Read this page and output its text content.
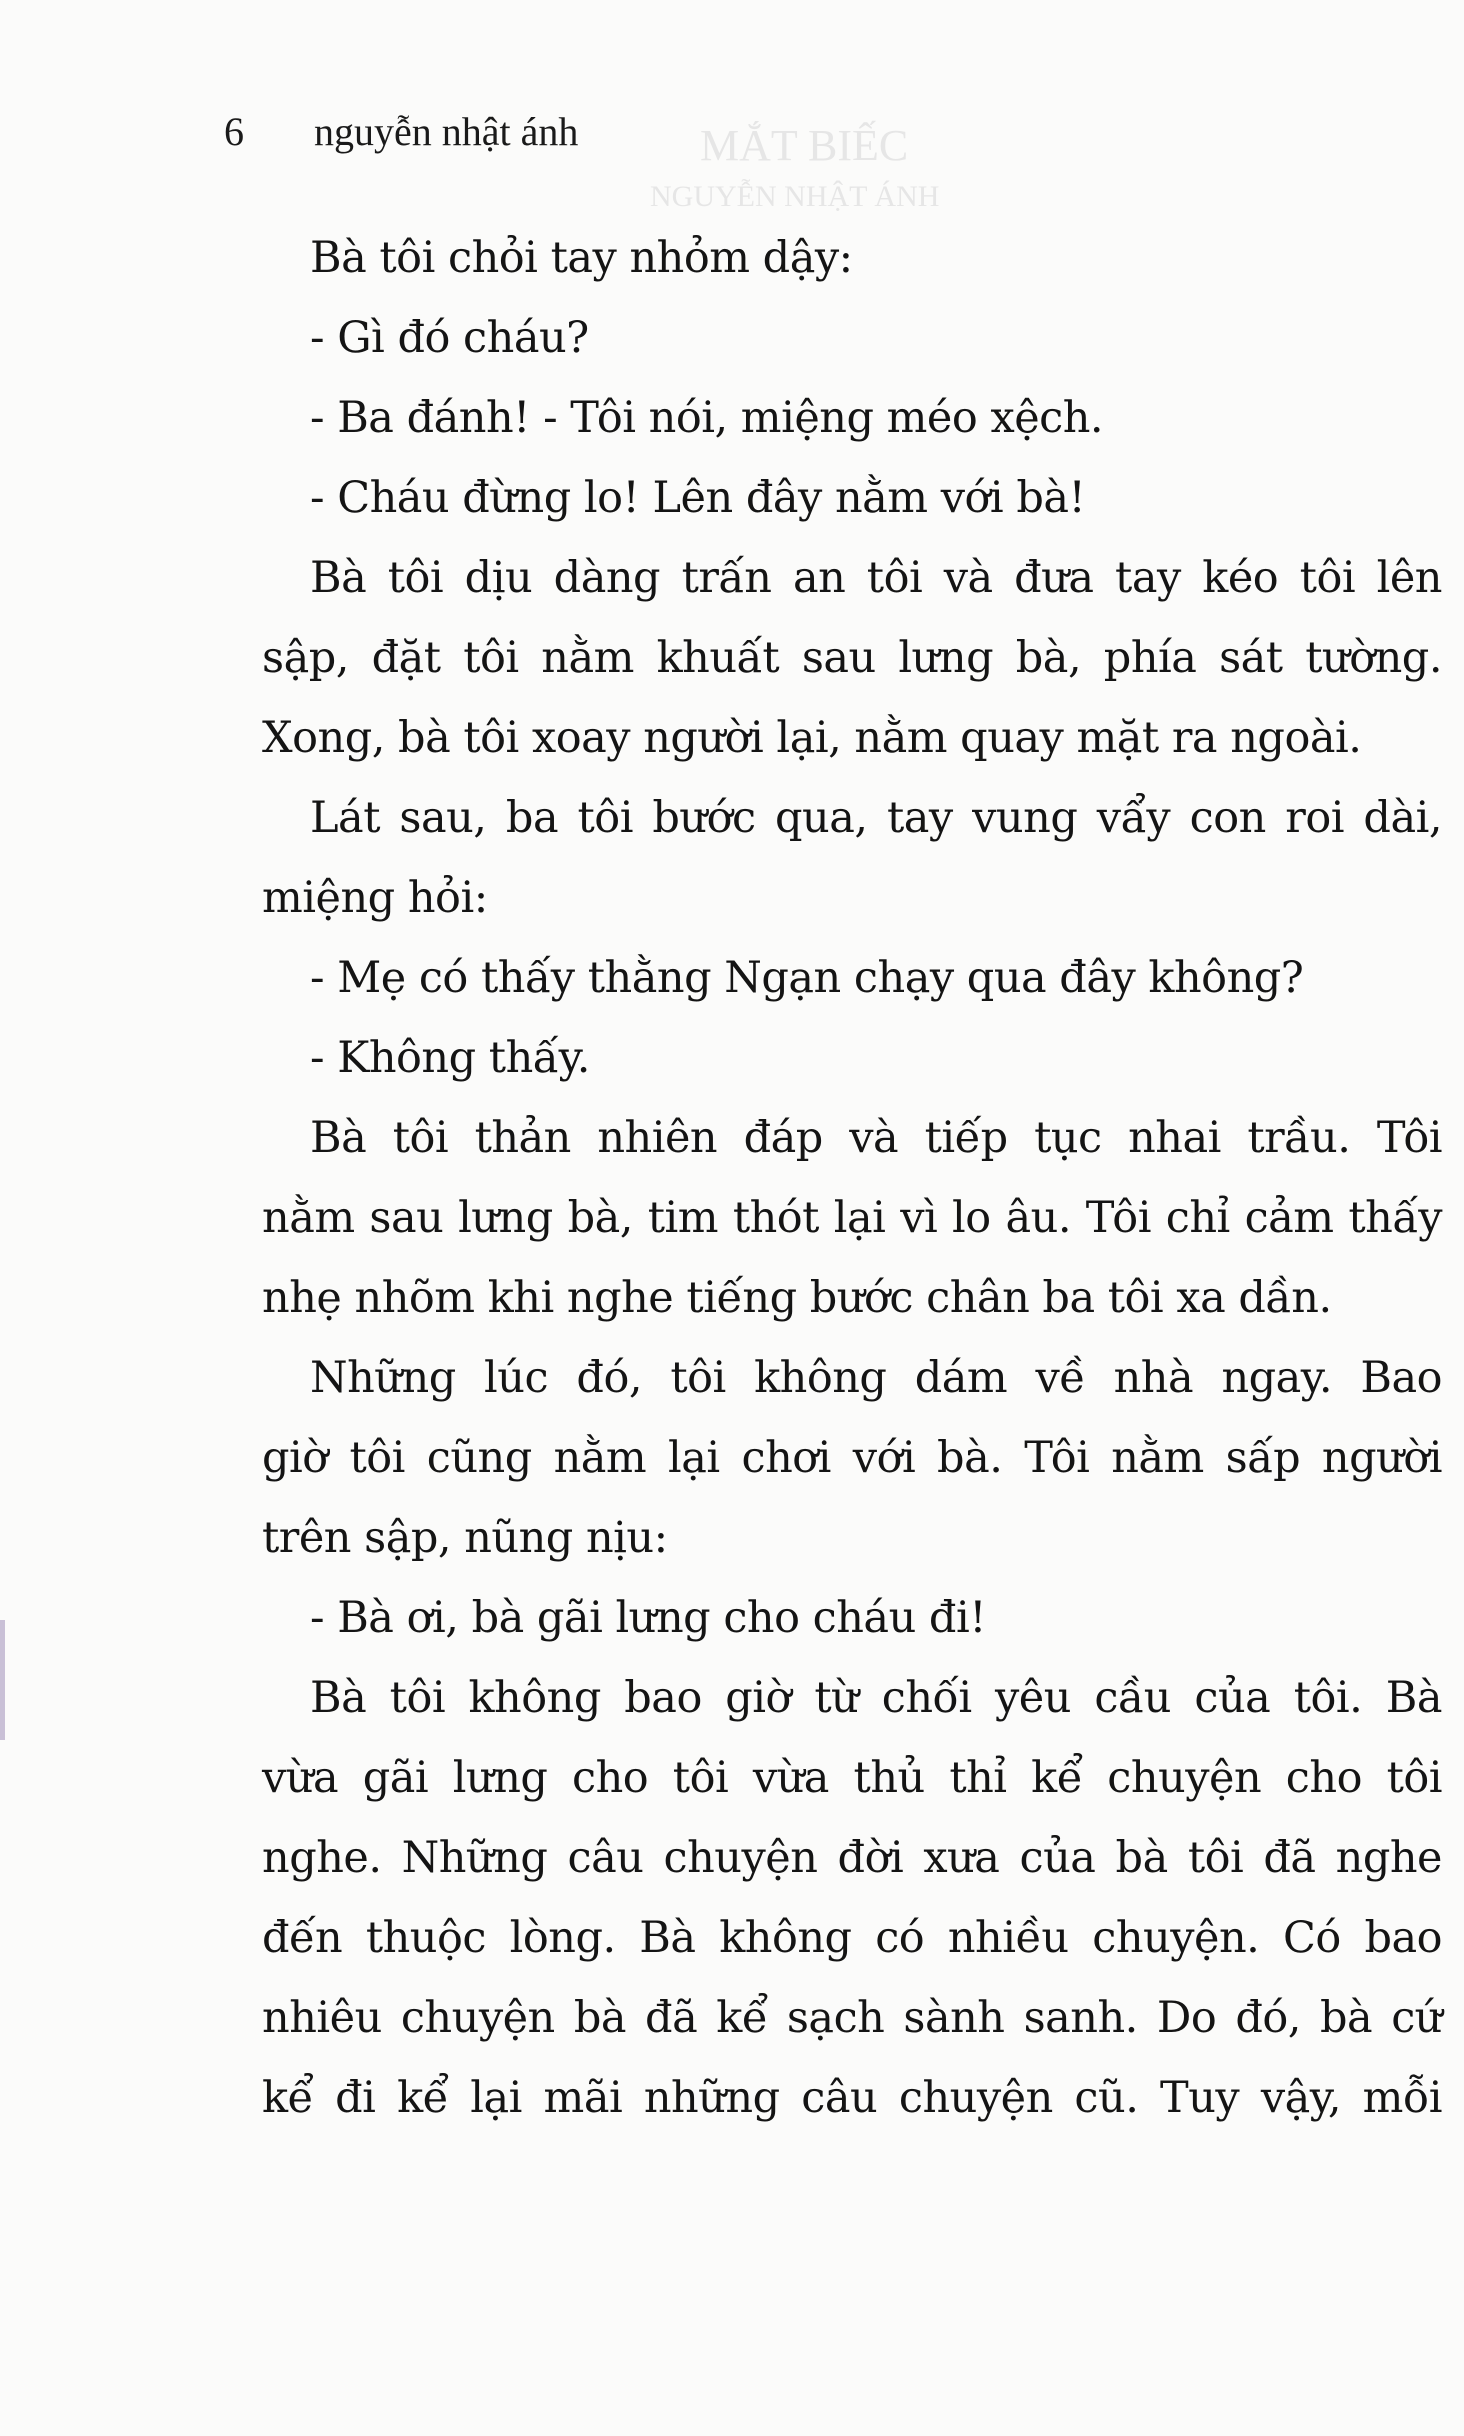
MẮT BIẾC
NGUYỄN NHẬT ÁNH
6 nguyễn nhật ánh
Bà tôi chỏi tay nhỏm dậy:
- Gì đó cháu?
- Ba đánh! - Tôi nói, miệng méo xệch.
- Cháu đừng lo! Lên đây nằm với bà!
Bà tôi dịu dàng trấn an tôi và đưa tay kéo tôi lên
sập, đặt tôi nằm khuất sau lưng bà, phía sát tường.
Xong, bà tôi xoay người lại, nằm quay mặt ra ngoài.
Lát sau, ba tôi bước qua, tay vung vẩy con roi dài,
miệng hỏi:
- Mẹ có thấy thằng Ngạn chạy qua đây không?
- Không thấy.
Bà tôi thản nhiên đáp và tiếp tục nhai trầu. Tôi
nằm sau lưng bà, tim thót lại vì lo âu. Tôi chỉ cảm thấy
nhẹ nhõm khi nghe tiếng bước chân ba tôi xa dần.
Những lúc đó, tôi không dám về nhà ngay. Bao
giờ tôi cũng nằm lại chơi với bà. Tôi nằm sấp người
trên sập, nũng nịu:
- Bà ơi, bà gãi lưng cho cháu đi!
Bà tôi không bao giờ từ chối yêu cầu của tôi. Bà
vừa gãi lưng cho tôi vừa thủ thỉ kể chuyện cho tôi
nghe. Những câu chuyện đời xưa của bà tôi đã nghe
đến thuộc lòng. Bà không có nhiều chuyện. Có bao
nhiêu chuyện bà đã kể sạch sành sanh. Do đó, bà cứ
kể đi kể lại mãi những câu chuyện cũ. Tuy vậy, mỗi
